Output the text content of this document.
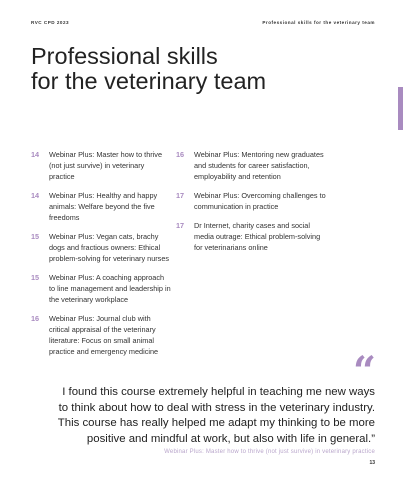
RVC CPD 2023	Professional skills for the veterinary team
Professional skills
for the veterinary team
14 Webinar Plus: Master how to thrive (not just survive) in veterinary practice
14 Webinar Plus: Healthy and happy animals: Welfare beyond the five freedoms
15 Webinar Plus: Vegan cats, brachy dogs and fractious owners: Ethical problem-solving for veterinary nurses
15 Webinar Plus: A coaching approach to line management and leadership in the veterinary workplace
16 Webinar Plus: Journal club with critical appraisal of the veterinary literature: Focus on small animal practice and emergency medicine
16 Webinar Plus: Mentoring new graduates and students for career satisfaction, employability and retention
17 Webinar Plus: Overcoming challenges to communication in practice
17 Dr Internet, charity cases and social media outrage: Ethical problem-solving for veterinarians online
“
I found this course extremely helpful in teaching me new ways to think about how to deal with stress in the veterinary industry. This course has really helped me adapt my thinking to be more positive and mindful at work, but also with life in general.”
Webinar Plus: Master how to thrive (not just survive) in veterinary practice
13
